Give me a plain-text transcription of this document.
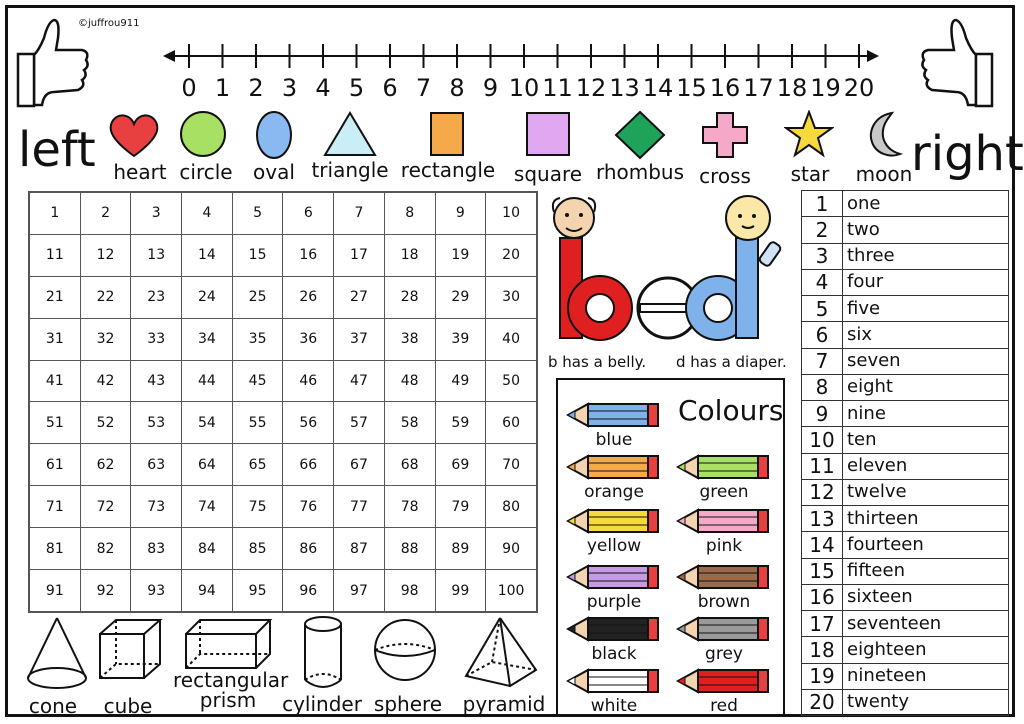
©juffrou911
left	right
0 1 2 3 4 5 6 7 8 9 10 11 12 13 14 15 16 17 18 19 20
heart circle oval triangle rectangle square rhombus cross star moon
1	2	3	4	5	6	7	8	9	10
11	12	13	14	15	16	17	18	19	20
21	22	23	24	25	26	27	28	29	30
31	32	33	34	35	36	37	38	39	40
41	42	43	44	45	46	47	48	49	50
51	52	53	54	55	56	57	58	59	60
61	62	63	64	65	66	67	68	69	70
71	72	73	74	75	76	77	78	79	80
81	82	83	84	85	86	87	88	89	90
91	92	93	94	95	96	97	98	99	100
b has a belly. d has a diaper.
Colours
blue
orange	green
yellow	pink
purple	brown
black	grey
white	red
1	one
2	two
3	three
4	four
5	five
6	six
7	seven
8	eight
9	nine
10	ten
11	eleven
12	twelve
13	thirteen
14	fourteen
15	fifteen
16	sixteen
17	seventeen
18	eighteen
19	nineteen
20	twenty
cone cube
rectangular prism	cylinder sphere pyramid
